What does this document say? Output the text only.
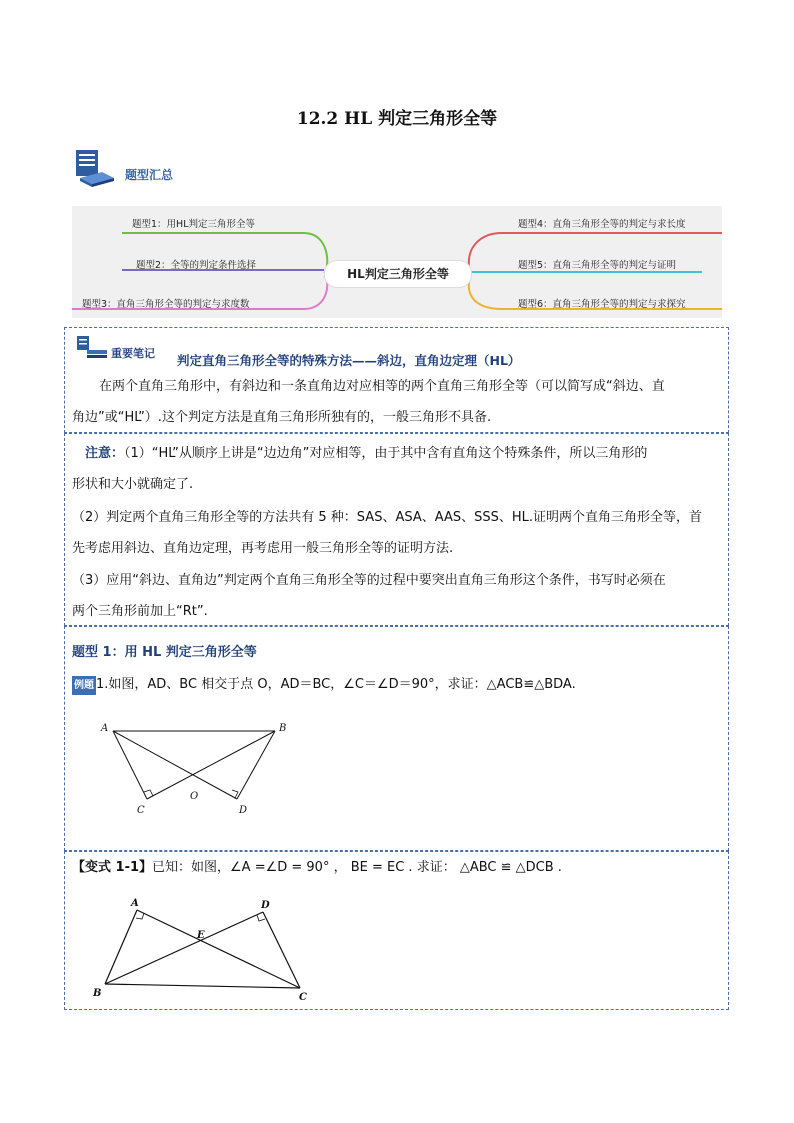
12.2 HL 判定三角形全等
题型汇总
题型1：用HL判定三角形全等
题型2：全等的判定条件选择
题型3：直角三角形全等的判定与求度数
HL判定三角形全等
题型4：直角三角形全等的判定与求长度
题型5：直角三角形全等的判定与证明
题型6：直角三角形全等的判定与求探究
重要笔记 判定直角三角形全等的特殊方法——斜边，直角边定理（HL）
在两个直角三角形中，有斜边和一条直角边对应相等的两个直角三角形全等（可以简写成“斜边、直
角边”或“HL”）.这个判定方法是直角三角形所独有的，一般三角形不具备.
注意：（1）“HL”从顺序上讲是“边边角”对应相等，由于其中含有直角这个特殊条件，所以三角形的
形状和大小就确定了.
（2）判定两个直角三角形全等的方法共有 5 种：SAS、ASA、AAS、SSS、HL.证明两个直角三角形全等，首
先考虑用斜边、直角边定理，再考虑用一般三角形全等的证明方法.
（3）应用“斜边、直角边”判定两个直角三角形全等的过程中要突出直角三角形这个条件，书写时必须在
两个三角形前加上“Rt”.
题型 1：用 HL 判定三角形全等
例题 1.如图，AD、BC 相交于点 O，AD＝BC，∠C＝∠D＝90°，求证：△ACB≌△BDA.
A	B
C	D
O
【变式 1-1】已知：如图，∠A =∠D = 90° ， BE = EC . 求证： △ABC ≌ △DCB .
A	D
E
B	C
